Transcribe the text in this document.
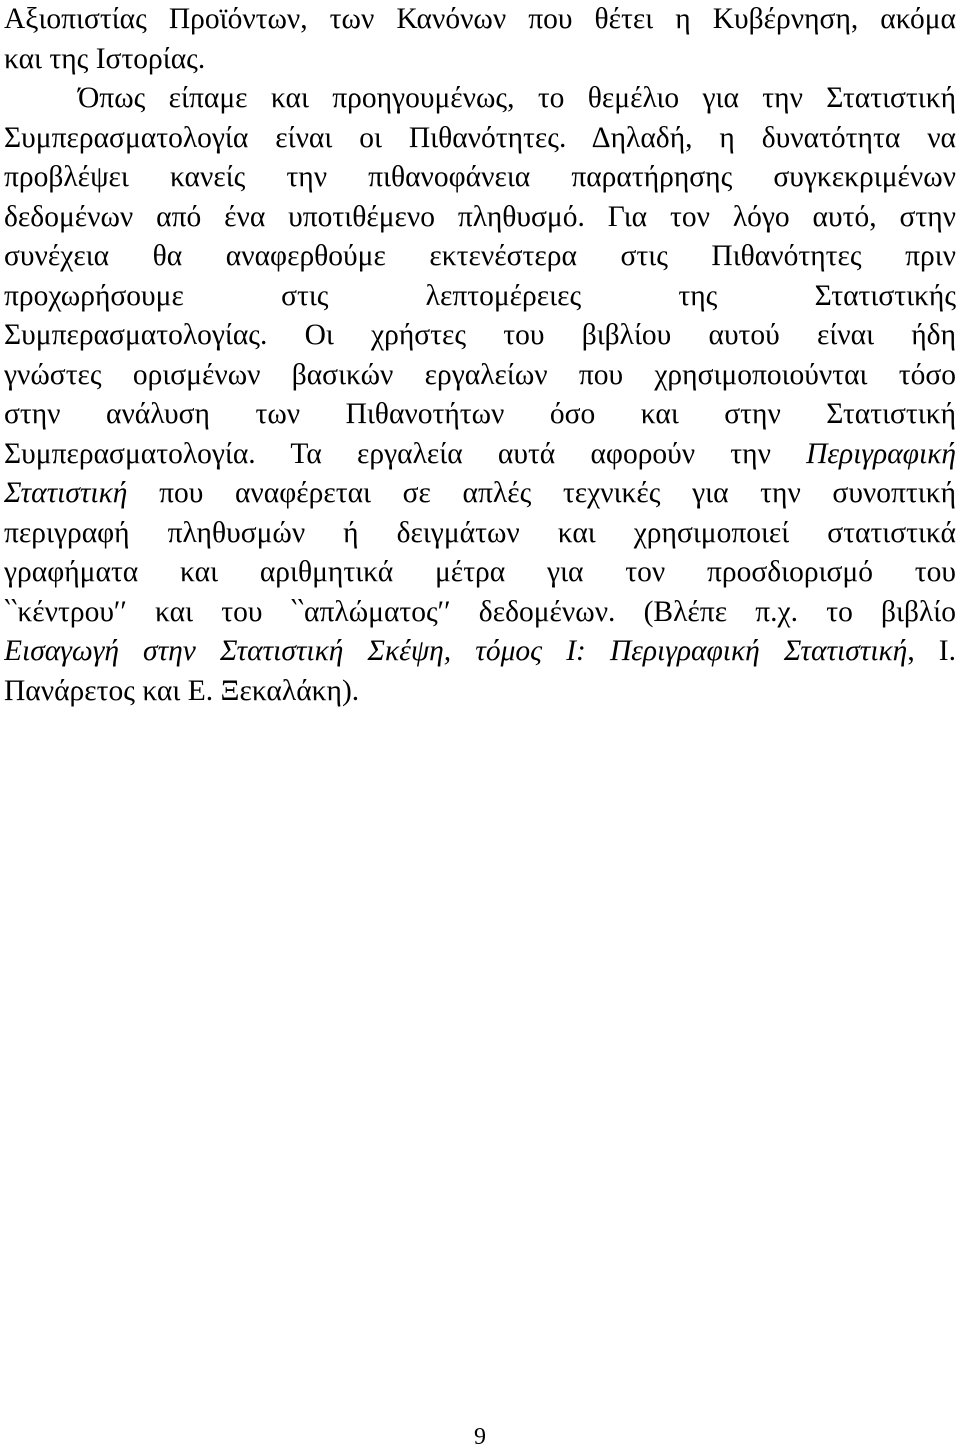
Αξιοπιστίας Προϊόντων, των Κανόνων που θέτει η Κυβέρνηση, ακόμα
και της Ιστορίας.
Όπως είπαμε και προηγουμένως, το θεμέλιο για την Στατιστική
Συμπερασματολογία είναι οι Πιθανότητες. Δηλαδή, η δυνατότητα να
προβλέψει κανείς την πιθανοφάνεια παρατήρησης συγκεκριμένων
δεδομένων από ένα υποτιθέμενο πληθυσμό. Για τον λόγο αυτό, στην
συνέχεια θα αναφερθούμε εκτενέστερα στις Πιθανότητες πριν
προχωρήσουμε στις λεπτομέρειες της Στατιστικής
Συμπερασματολογίας. Οι χρήστες του βιβλίου αυτού είναι ήδη
γνώστες ορισμένων βασικών εργαλείων που χρησιμοποιούνται τόσο
στην ανάλυση των Πιθανοτήτων όσο και στην Στατιστική
Συμπερασματολογία. Τα εργαλεία αυτά αφορούν την Περιγραφική
Στατιστική που αναφέρεται σε απλές τεχνικές για την συνοπτική
περιγραφή πληθυσμών ή δειγμάτων και χρησιμοποιεί στατιστικά
γραφήματα και αριθμητικά μέτρα για τον προσδιορισμό του
‵‵κέντρου′′ και του ‵‵απλώματος′′ δεδομένων. (Βλέπε π.χ. το βιβλίο
Εισαγωγή στην Στατιστική Σκέψη, τόμος Ι: Περιγραφική Στατιστική, Ι.
Πανάρετος και Ε. Ξεκαλάκη).
9
